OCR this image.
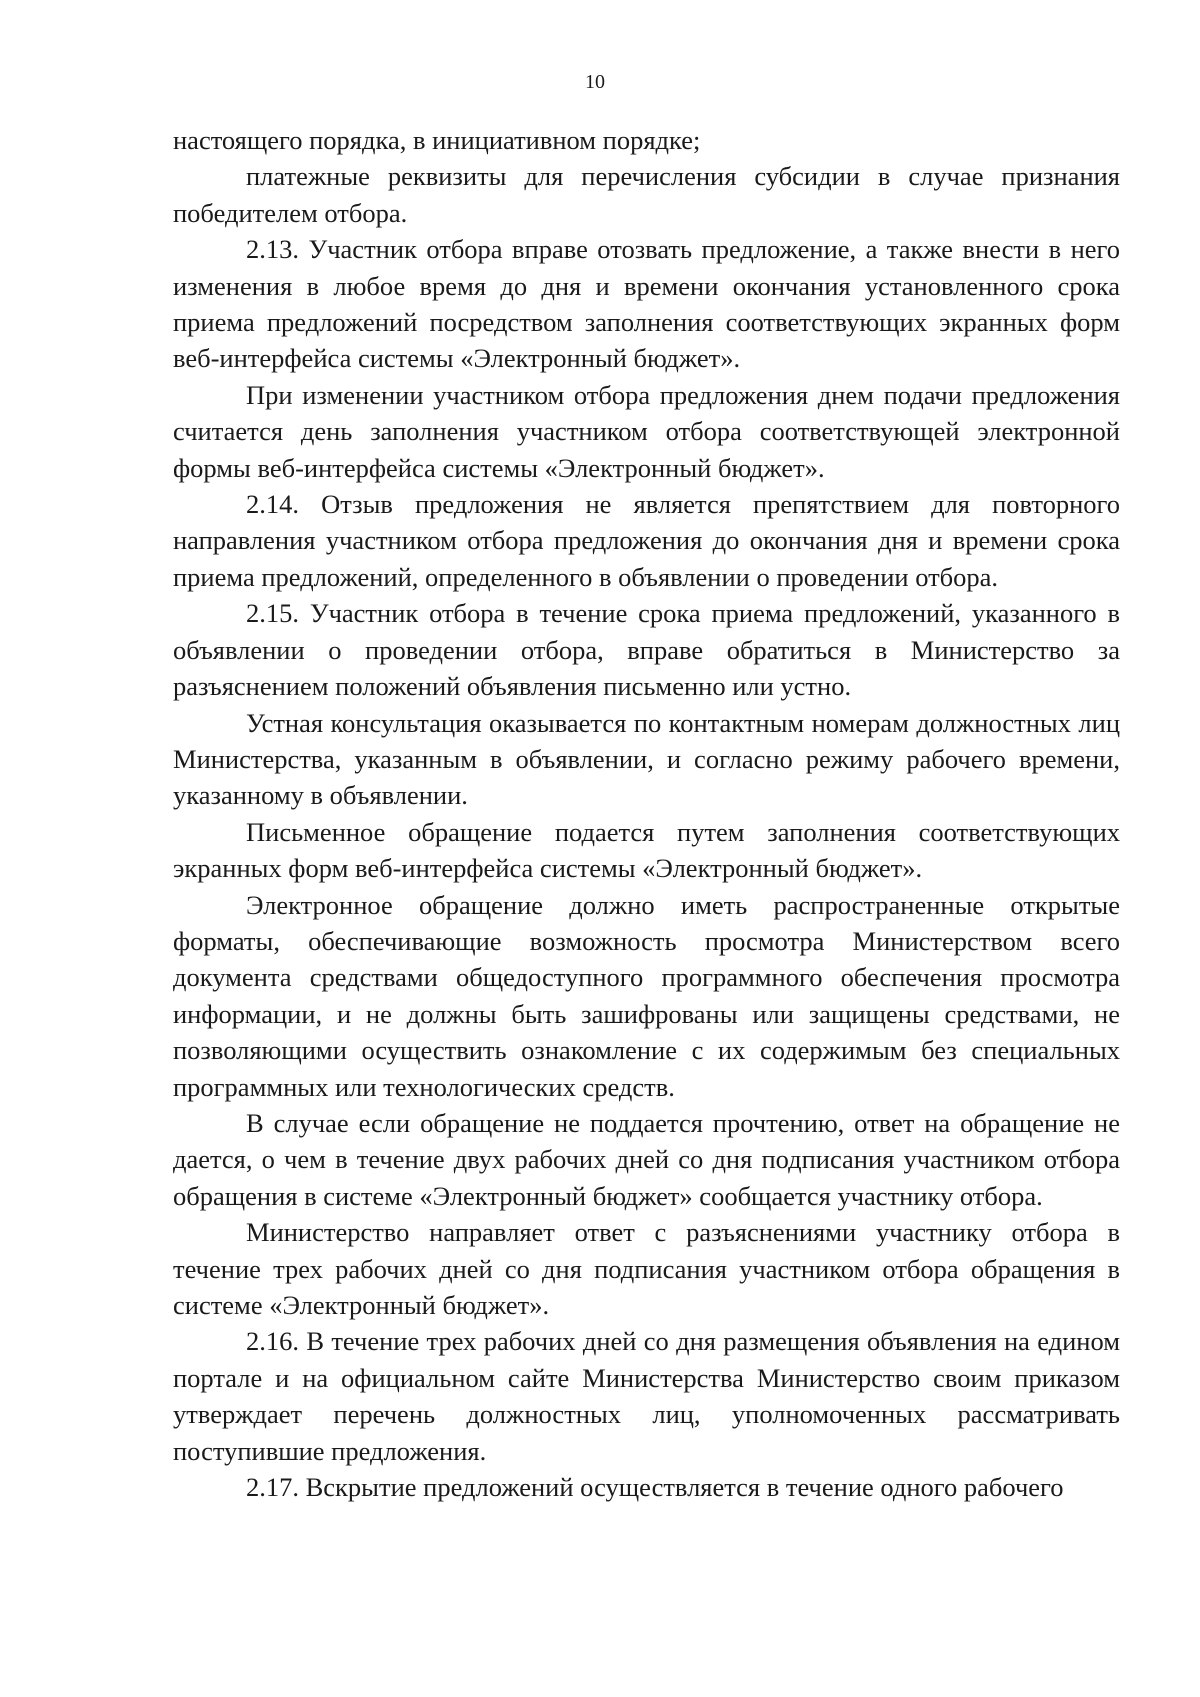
10

настоящего порядка, в инициативном порядке;

платежные реквизиты для перечисления субсидии в случае признания победителем отбора.

2.13. Участник отбора вправе отозвать предложение, а также внести в него изменения в любое время до дня и времени окончания установленного срока приема предложений посредством заполнения соответствующих экранных форм веб-интерфейса системы «Электронный бюджет».

При изменении участником отбора предложения днем подачи предложения считается день заполнения участником отбора соответствующей электронной формы веб-интерфейса системы «Электронный бюджет».

2.14. Отзыв предложения не является препятствием для повторного направления участником отбора предложения до окончания дня и времени срока приема предложений, определенного в объявлении о проведении отбора.

2.15. Участник отбора в течение срока приема предложений, указанного в объявлении о проведении отбора, вправе обратиться в Министерство за разъяснением положений объявления письменно или устно.

Устная консультация оказывается по контактным номерам должностных лиц Министерства, указанным в объявлении, и согласно режиму рабочего времени, указанному в объявлении.

Письменное обращение подается путем заполнения соответствующих экранных форм веб-интерфейса системы «Электронный бюджет».

Электронное обращение должно иметь распространенные открытые форматы, обеспечивающие возможность просмотра Министерством всего документа средствами общедоступного программного обеспечения просмотра информации, и не должны быть зашифрованы или защищены средствами, не позволяющими осуществить ознакомление с их содержимым без специальных программных или технологических средств.

В случае если обращение не поддается прочтению, ответ на обращение не дается, о чем в течение двух рабочих дней со дня подписания участником отбора обращения в системе «Электронный бюджет» сообщается участнику отбора.

Министерство направляет ответ с разъяснениями участнику отбора в течение трех рабочих дней со дня подписания участником отбора обращения в системе «Электронный бюджет».

2.16. В течение трех рабочих дней со дня размещения объявления на едином портале и на официальном сайте Министерства Министерство своим приказом утверждает перечень должностных лиц, уполномоченных рассматривать поступившие предложения.

2.17. Вскрытие предложений осуществляется в течение одного рабочего
